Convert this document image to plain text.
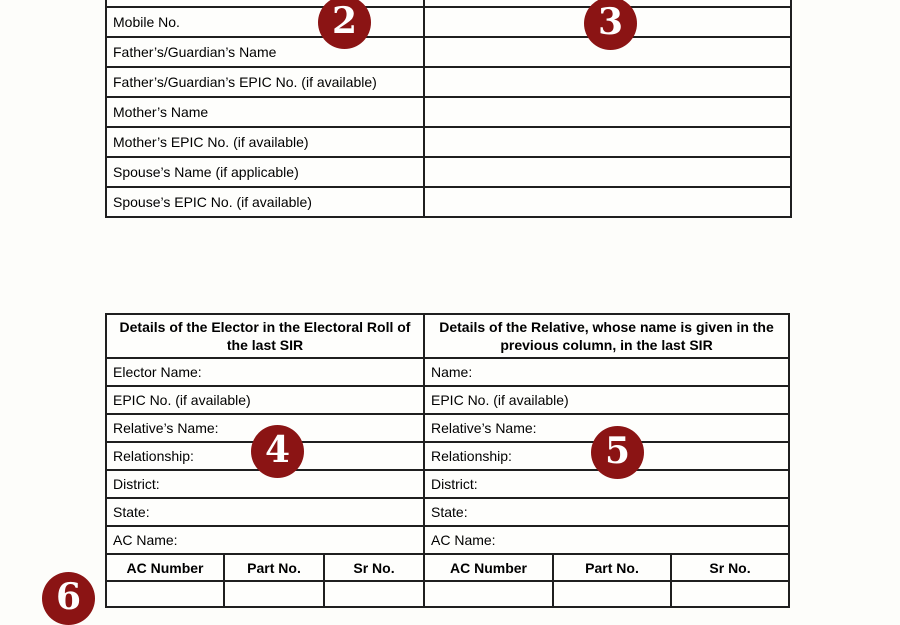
Mobile No.	
Father’s/Guardian’s Name	
Father’s/Guardian’s EPIC No. (if available)	
Mother’s Name	
Mother’s EPIC No. (if available)	
Spouse’s Name (if applicable)	
Spouse’s EPIC No. (if available)	
Details of the Elector in the Electoral Roll of the last SIR			Details of the Relative, whose name is given in the previous column, in the last SIR		
Elector Name:			Name:		
EPIC No. (if available)			EPIC No. (if available)		
Relative’s Name:			Relative’s Name:		
Relationship:			Relationship:		
District:			District:		
State:			State:		
AC Name:			AC Name:		
AC Number	Part No.	Sr No.	AC Number	Part No.	Sr No.

2	3
4	5
6
